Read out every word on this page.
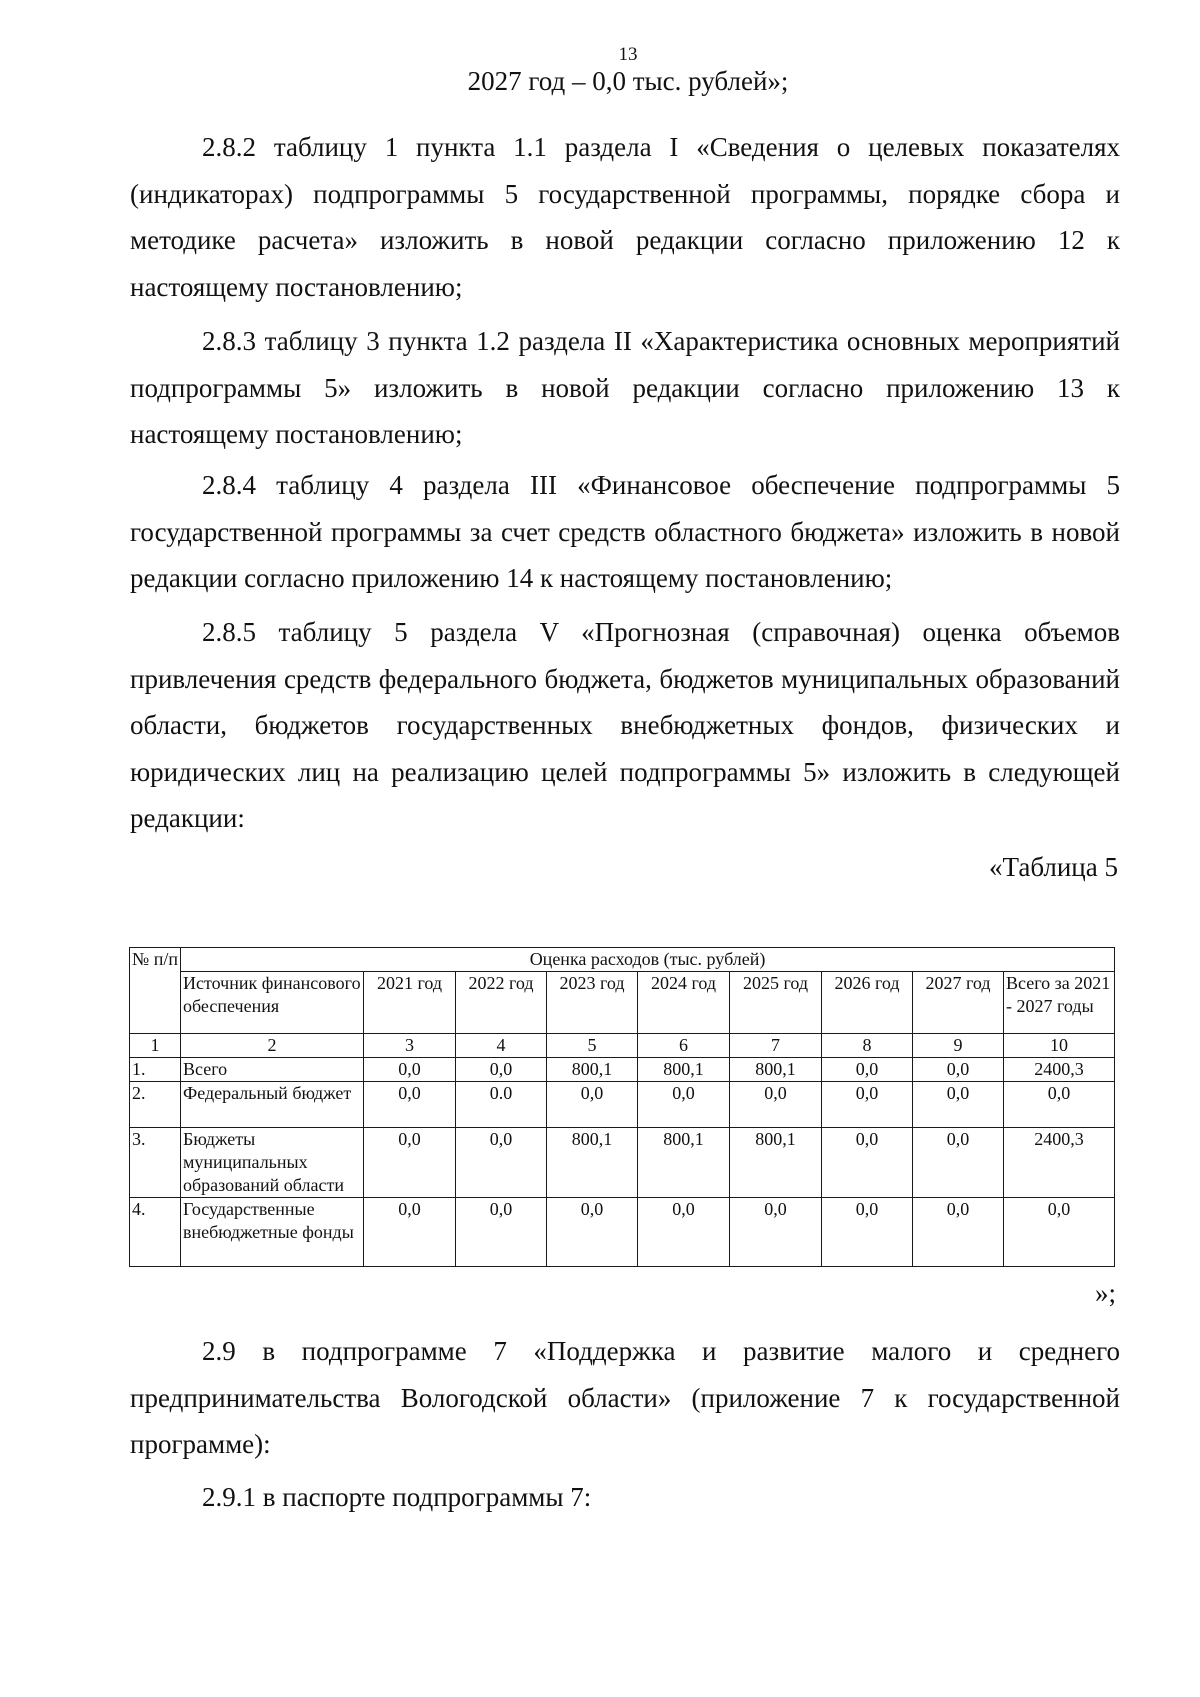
13
2027 год – 0,0 тыс. рублей»;

2.8.2 таблицу 1 пункта 1.1 раздела I «Сведения о целевых показателях (индикаторах) подпрограммы 5 государственной программы, порядке сбора и методике расчета» изложить в новой редакции согласно приложению 12 к настоящему постановлению;

2.8.3 таблицу 3 пункта 1.2 раздела II «Характеристика основных мероприятий подпрограммы 5» изложить в новой редакции согласно приложению 13 к настоящему постановлению;

2.8.4 таблицу 4 раздела III «Финансовое обеспечение подпрограммы 5 государственной программы за счет средств областного бюджета» изложить в новой редакции согласно приложению 14 к настоящему постановлению;

2.8.5 таблицу 5 раздела V «Прогнозная (справочная) оценка объемов привлечения средств федерального бюджета, бюджетов муниципальных образований области, бюджетов государственных внебюджетных фондов, физических и юридических лиц на реализацию целей подпрограммы 5» изложить в следующей редакции:

«Таблица 5
№ п/п	Оценка расходов (тыс. рублей)								
	Источник финансового обеспечения	2021 год	2022 год	2023 год	2024 год	2025 год	2026 год	2027 год	Всего за 2021 - 2027 годы
1	2	3	4	5	6	7	8	9	10
1.	Всего	0,0	0,0	800,1	800,1	800,1	0,0	0,0	2400,3
2.	Федеральный бюджет	0,0	0.0	0,0	0,0	0,0	0,0	0,0	0,0
3.	Бюджеты муниципальных образований области	0,0	0,0	800,1	800,1	800,1	0,0	0,0	2400,3
4.	Государственные внебюджетные фонды	0,0	0,0	0,0	0,0	0,0	0,0	0,0	0,0
»;

2.9 в подпрограмме 7 «Поддержка и развитие малого и среднего предпринимательства Вологодской области» (приложение 7 к государственной программе):

2.9.1 в паспорте подпрограммы 7:
